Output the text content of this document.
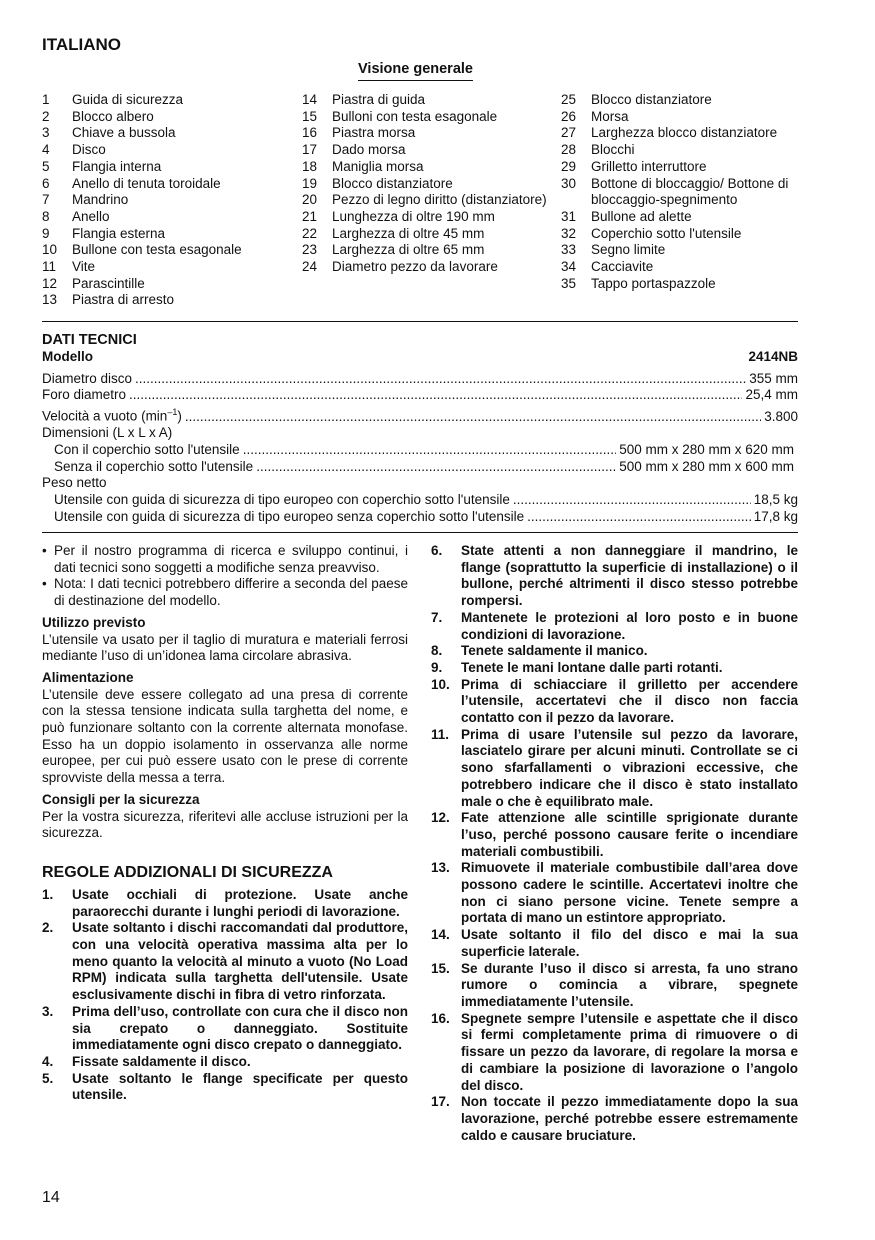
ITALIANO
Visione generale
1	Guida di sicurezza
2	Blocco albero
3	Chiave a bussola
4	Disco
5	Flangia interna
6	Anello di tenuta toroidale
7	Mandrino
8	Anello
9	Flangia esterna
10	Bullone con testa esagonale
11	Vite
12	Parascintille
13	Piastra di arresto
14	Piastra di guida
15	Bulloni con testa esagonale
16	Piastra morsa
17	Dado morsa
18	Maniglia morsa
19	Blocco distanziatore
20	Pezzo di legno diritto (distanziatore)
21	Lunghezza di oltre 190 mm
22	Larghezza di oltre 45 mm
23	Larghezza di oltre 65 mm
24	Diametro pezzo da lavorare
25	Blocco distanziatore
26	Morsa
27	Larghezza blocco distanziatore
28	Blocchi
29	Grilletto interruttore
30	Bottone di bloccaggio/ Bottone di bloccaggio-spegnimento
31	Bullone ad alette
32	Coperchio sotto l'utensile
33	Segno limite
34	Cacciavite
35	Tappo portaspazzole
DATI TECNICI
Modello	2414NB
Diametro disco .....	355 mm
Foro diametro .....	25,4 mm
Velocità a vuoto $(\min^{-1})$ .....	3.800
Dimensioni (L x L x A)
Con il coperchio sotto l'utensile .....	500 mm x 280 mm x 620 mm
Senza il coperchio sotto l'utensile .....	500 mm x 280 mm x 600 mm
Peso netto
Utensile con guida di sicurezza di tipo europeo con coperchio sotto l'utensile .....	18,5 kg
Utensile con guida di sicurezza di tipo europeo senza coperchio sotto l'utensile .....	17,8 kg
• Per il nostro programma di ricerca e sviluppo continui, i dati tecnici sono soggetti a modifiche senza preavviso.
• Nota: I dati tecnici potrebbero differire a seconda del paese di destinazione del modello.
Utilizzo previsto
L’utensile va usato per il taglio di muratura e materiali ferrosi mediante l’uso di un’idonea lama circolare abrasiva.
Alimentazione
L’utensile deve essere collegato ad una presa di corrente con la stessa tensione indicata sulla targhetta del nome, e può funzionare soltanto con la corrente alternata monofase. Esso ha un doppio isolamento in osservanza alle norme europee, per cui può essere usato con le prese di corrente sprovviste della messa a terra.
Consigli per la sicurezza
Per la vostra sicurezza, riferitevi alle accluse istruzioni per la sicurezza.
REGOLE ADDIZIONALI DI SICUREZZA
1.	Usate occhiali di protezione. Usate anche paraorecchi durante i lunghi periodi di lavorazione.
2.	Usate soltanto i dischi raccomandati dal produttore, con una velocità operativa massima alta per lo meno quanto la velocità al minuto a vuoto (No Load RPM) indicata sulla targhetta dell'utensile. Usate esclusivamente dischi in fibra di vetro rinforzata.
3.	Prima dell’uso, controllate con cura che il disco non sia crepato o danneggiato. Sostituite immediatamente ogni disco crepato o danneggiato.
4.	Fissate saldamente il disco.
5.	Usate soltanto le flange specificate per questo utensile.
6.	State attenti a non danneggiare il mandrino, le flange (soprattutto la superficie di installazione) o il bullone, perché altrimenti il disco stesso potrebbe rompersi.
7.	Mantenete le protezioni al loro posto e in buone condizioni di lavorazione.
8.	Tenete saldamente il manico.
9.	Tenete le mani lontane dalle parti rotanti.
10. Prima di schiacciare il grilletto per accendere l’utensile, accertatevi che il disco non faccia contatto con il pezzo da lavorare.
11. Prima di usare l’utensile sul pezzo da lavorare, lasciatelo girare per alcuni minuti. Controllate se ci sono sfarfallamenti o vibrazioni eccessive, che potrebbero indicare che il disco è stato installato male o che è equilibrato male.
12. Fate attenzione alle scintille sprigionate durante l’uso, perché possono causare ferite o incendiare materiali combustibili.
13. Rimuovete il materiale combustibile dall’area dove possono cadere le scintille. Accertatevi inoltre che non ci siano persone vicine. Tenete sempre a portata di mano un estintore appropriato.
14. Usate soltanto il filo del disco e mai la sua superficie laterale.
15. Se durante l’uso il disco si arresta, fa uno strano rumore o comincia a vibrare, spegnete immediatamente l’utensile.
16. Spegnete sempre l’utensile e aspettate che il disco si fermi completamente prima di rimuovere o di fissare un pezzo da lavorare, di regolare la morsa e di cambiare la posizione di lavorazione o l’angolo del disco.
17. Non toccate il pezzo immediatamente dopo la sua lavorazione, perché potrebbe essere estremamente caldo e causare bruciature.
14
